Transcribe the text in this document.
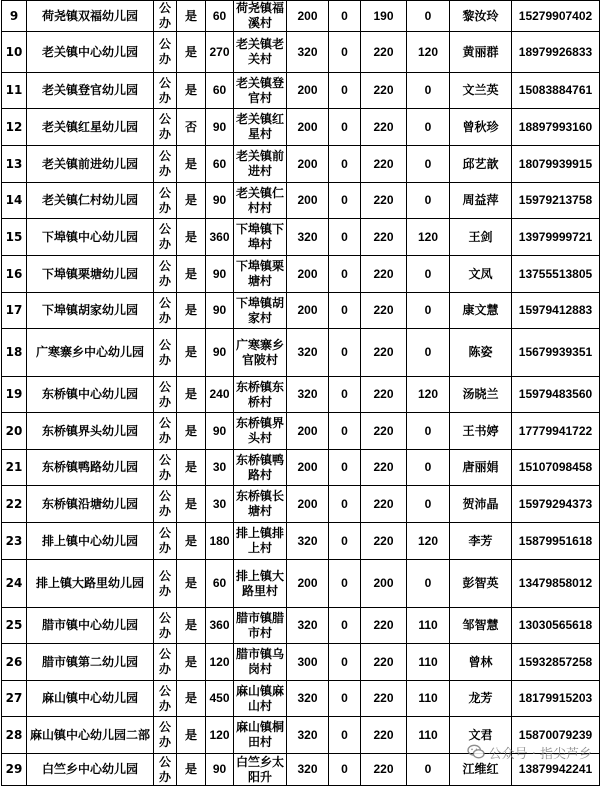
9	荷尧镇双福幼儿园	公办	是	60	荷尧镇福溪村	200	0	190	0	黎汝玲	15279907402
10	老关镇中心幼儿园	公办	是	270	老关镇老关村	320	0	220	120	黄丽群	18979926833
11	老关镇登官幼儿园	公办	是	60	老关镇登官村	200	0	220	0	文兰英	15083884761
12	老关镇红星幼儿园	公办	否	90	老关镇红星村	200	0	220	0	曾秋珍	18897993160
13	老关镇前进幼儿园	公办	是	60	老关镇前进村	200	0	220	0	邱艺歆	18079939915
14	老关镇仁村幼儿园	公办	是	90	老关镇仁村村	200	0	220	0	周益萍	15979213758
15	下埠镇中心幼儿园	公办	是	360	下埠镇下埠村	320	0	220	120	王剑	13979999721
16	下埠镇栗塘幼儿园	公办	是	90	下埠镇栗塘村	200	0	220	0	文凤	13755513805
17	下埠镇胡家幼儿园	公办	是	90	下埠镇胡家村	200	0	220	0	康文慧	15979412883
18	广寒寨乡中心幼儿园	公办	是	90	广寒寨乡官陂村	320	0	220	0	陈姿	15679939351
19	东桥镇中心幼儿园	公办	是	240	东桥镇东桥村	320	0	220	120	汤晓兰	15979483560
20	东桥镇界头幼儿园	公办	是	90	东桥镇界头村	200	0	220	0	王书婷	17779941722
21	东桥镇鸭路幼儿园	公办	是	30	东桥镇鸭路村	200	0	220	0	唐丽娟	15107098458
22	东桥镇沿塘幼儿园	公办	是	30	东桥镇长塘村	200	0	220	0	贺沛晶	15979294373
23	排上镇中心幼儿园	公办	是	180	排上镇排上村	320	0	220	120	李芳	15879951618
24	排上镇大路里幼儿园	公办	是	60	排上镇大路里村	200	0	200	0	彭智英	13479858012
25	腊市镇中心幼儿园	公办	是	360	腊市镇腊市村	320	0	220	110	邹智慧	13030565618
26	腊市镇第二幼儿园	公办	是	120	腊市镇乌岗村	300	0	220	110	曾林	15932857258
27	麻山镇中心幼儿园	公办	是	450	麻山镇麻山村	320	0	220	110	龙芳	18179915203
28	麻山镇中心幼儿园二部	公办	是	120	麻山镇桐田村	320	0	220	110	文君	15870079239
29	白竺乡中心幼儿园	公办	是	90	白竺乡太阳升	320	0	220	0	江维红	13879942241
公众号 · 指尖芦乡
